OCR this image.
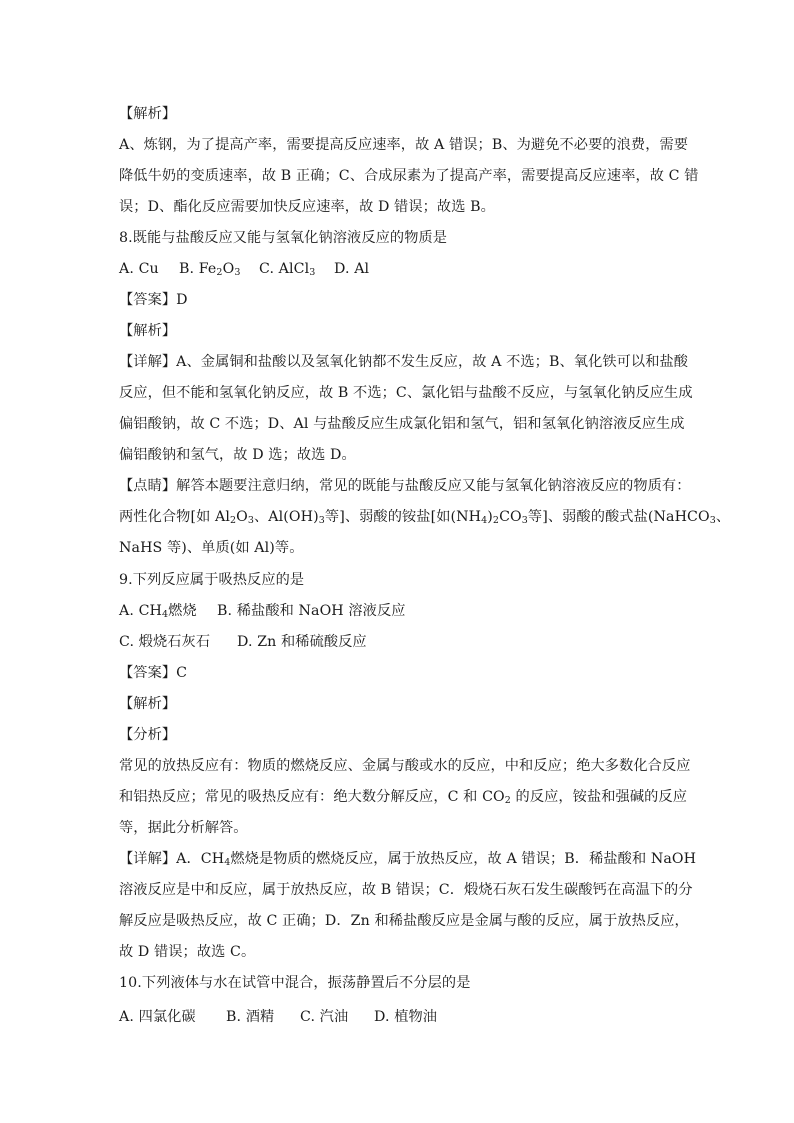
【解析】
A、炼钢，为了提高产率，需要提高反应速率，故 A 错误；B、为避免不必要的浪费，需要
降低牛奶的变质速率，故 B 正确；C、合成尿素为了提高产率，需要提高反应速率，故 C 错
误；D、酯化反应需要加快反应速率，故 D 错误；故选 B。
8.既能与盐酸反应又能与氢氧化钠溶液反应的物质是
A. Cu B. $Fe_2O_3$ C. AlCl$_3$ D. Al
【答案】D
【解析】
【详解】A、金属铜和盐酸以及氢氧化钠都不发生反应，故 A 不选；B、氧化铁可以和盐酸
反应，但不能和氢氧化钠反应，故 B 不选；C、氯化铝与盐酸不反应，与氢氧化钠反应生成
偏铝酸钠，故 C 不选；D、Al 与盐酸反应生成氯化铝和氢气，铝和氢氧化钠溶液反应生成
偏铝酸钠和氢气，故 D 选；故选 D。
【点睛】解答本题要注意归纳，常见的既能与盐酸反应又能与氢氧化钠溶液反应的物质有：
两性化合物[如 $Al_2O_3$、$Al(OH)_3$等]、弱酸的铵盐[如$(NH_4)_2CO_3$等]、弱酸的酸式盐(NaHCO$_3$、
NaHS 等)、单质(如 Al)等。
9.下列反应属于吸热反应的是
A. $CH_4$燃烧 B. 稀盐酸和 NaOH 溶液反应
C. 煅烧石灰石 D. Zn 和稀硫酸反应
【答案】C
【解析】
【分析】
常见的放热反应有：物质的燃烧反应、金属与酸或水的反应，中和反应；绝大多数化合反应
和铝热反应；常见的吸热反应有：绝大数分解反应，C 和 $CO_2$ 的反应，铵盐和强碱的反应
等，据此分析解答。
【详解】A．$CH_4$燃烧是物质的燃烧反应，属于放热反应，故 A 错误；B．稀盐酸和 NaOH
溶液反应是中和反应，属于放热反应，故 B 错误；C．煅烧石灰石发生碳酸钙在高温下的分
解反应是吸热反应，故 C 正确；D．Zn 和稀盐酸反应是金属与酸的反应，属于放热反应，
故 D 错误；故选 C。
10.下列液体与水在试管中混合，振荡静置后不分层的是
A. 四氯化碳 B. 酒精 C. 汽油 D. 植物油
